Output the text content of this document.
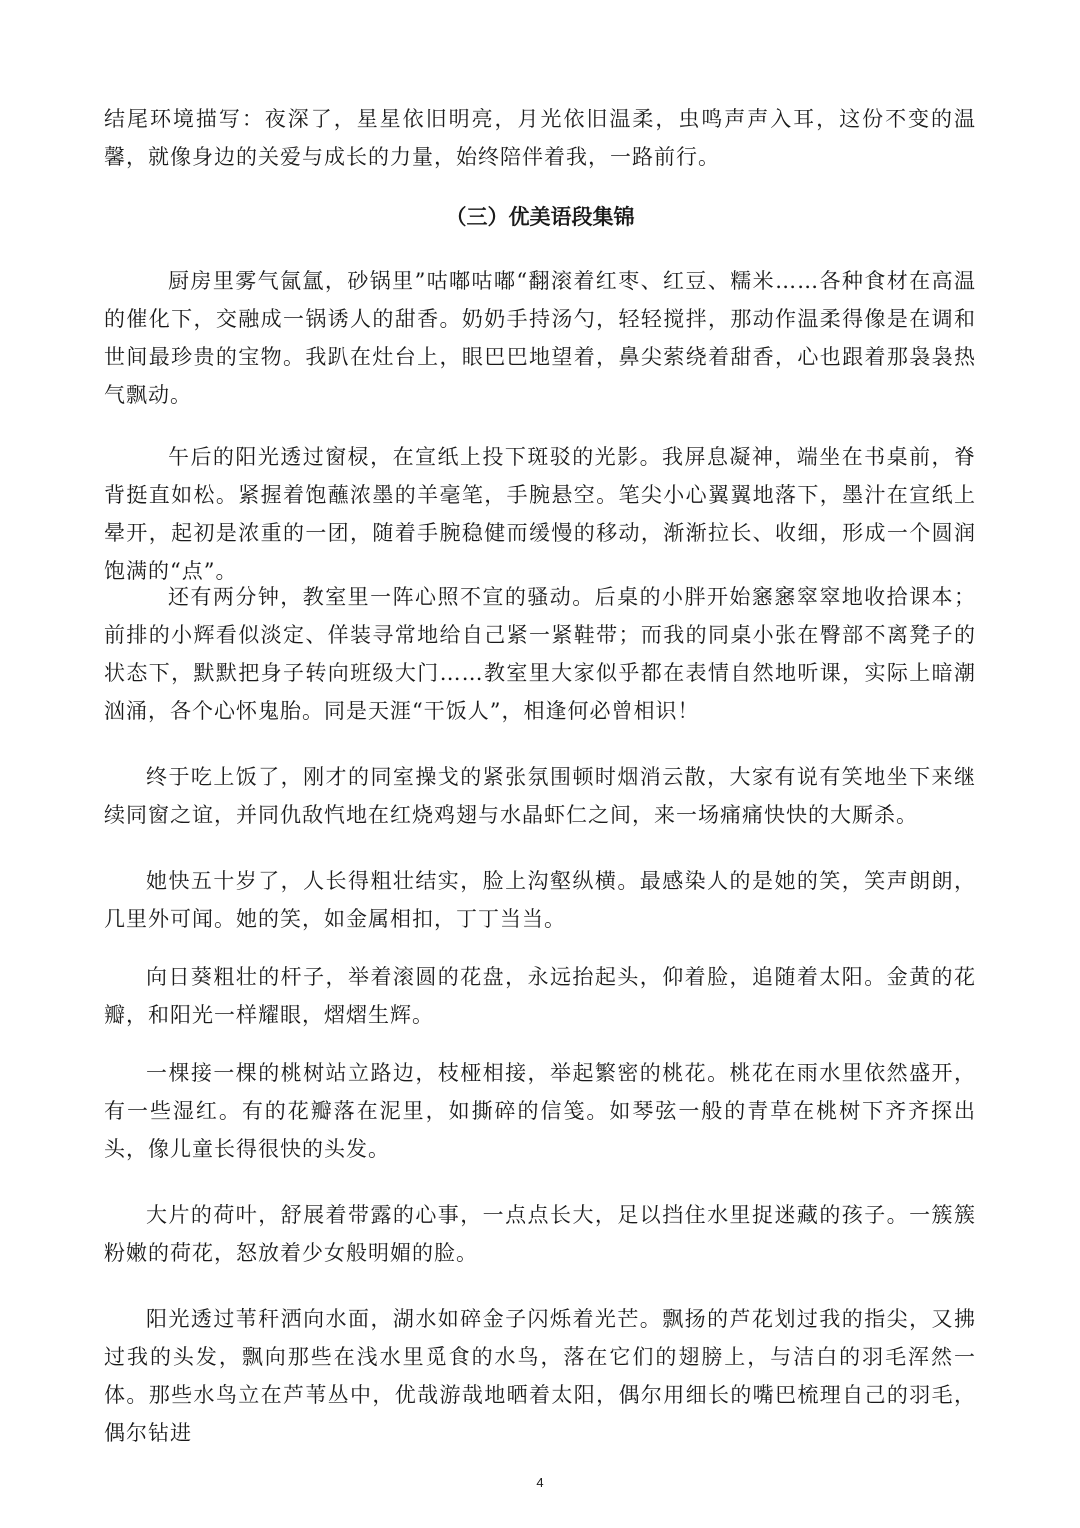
结尾环境描写：夜深了，星星依旧明亮，月光依旧温柔，虫鸣声声入耳，这份不变的温馨，就像身边的关爱与成长的力量，始终陪伴着我，一路前行。

（三）优美语段集锦

厨房里雾气氤氲，砂锅里”咕嘟咕嘟“翻滚着红枣、红豆、糯米……各种食材在高温的催化下，交融成一锅诱人的甜香。奶奶手持汤勺，轻轻搅拌，那动作温柔得像是在调和世间最珍贵的宝物。我趴在灶台上，眼巴巴地望着，鼻尖萦绕着甜香，心也跟着那袅袅热气飘动。

午后的阳光透过窗棂，在宣纸上投下斑驳的光影。我屏息凝神，端坐在书桌前，脊背挺直如松。紧握着饱蘸浓墨的羊毫笔，手腕悬空。笔尖小心翼翼地落下，墨汁在宣纸上晕开，起初是浓重的一团，随着手腕稳健而缓慢的移动，渐渐拉长、收细，形成一个圆润饱满的“点”。

还有两分钟，教室里一阵心照不宣的骚动。后桌的小胖开始窸窸窣窣地收拾课本；前排的小辉看似淡定、佯装寻常地给自己紧一紧鞋带；而我的同桌小张在臀部不离凳子的状态下，默默把身子转向班级大门……教室里大家似乎都在表情自然地听课，实际上暗潮汹涌，各个心怀鬼胎。同是天涯“干饭人”，相逢何必曾相识！

终于吃上饭了，刚才的同室操戈的紧张氛围顿时烟消云散，大家有说有笑地坐下来继续同窗之谊，并同仇敌忾地在红烧鸡翅与水晶虾仁之间，来一场痛痛快快的大厮杀。

她快五十岁了，人长得粗壮结实，脸上沟壑纵横。最感染人的是她的笑，笑声朗朗，几里外可闻。她的笑，如金属相扣，丁丁当当。

向日葵粗壮的杆子，举着滚圆的花盘，永远抬起头，仰着脸，追随着太阳。金黄的花瓣，和阳光一样耀眼，熠熠生辉。

一棵接一棵的桃树站立路边，枝桠相接，举起繁密的桃花。桃花在雨水里依然盛开，有一些湿红。有的花瓣落在泥里，如撕碎的信笺。如琴弦一般的青草在桃树下齐齐探出头，像儿童长得很快的头发。

大片的荷叶，舒展着带露的心事，一点点长大，足以挡住水里捉迷藏的孩子。一簇簇粉嫩的荷花，怒放着少女般明媚的脸。

阳光透过苇秆洒向水面，湖水如碎金子闪烁着光芒。飘扬的芦花划过我的指尖，又拂过我的头发，飘向那些在浅水里觅食的水鸟，落在它们的翅膀上，与洁白的羽毛浑然一体。那些水鸟立在芦苇丛中，优哉游哉地晒着太阳，偶尔用细长的嘴巴梳理自己的羽毛，偶尔钻进

4
